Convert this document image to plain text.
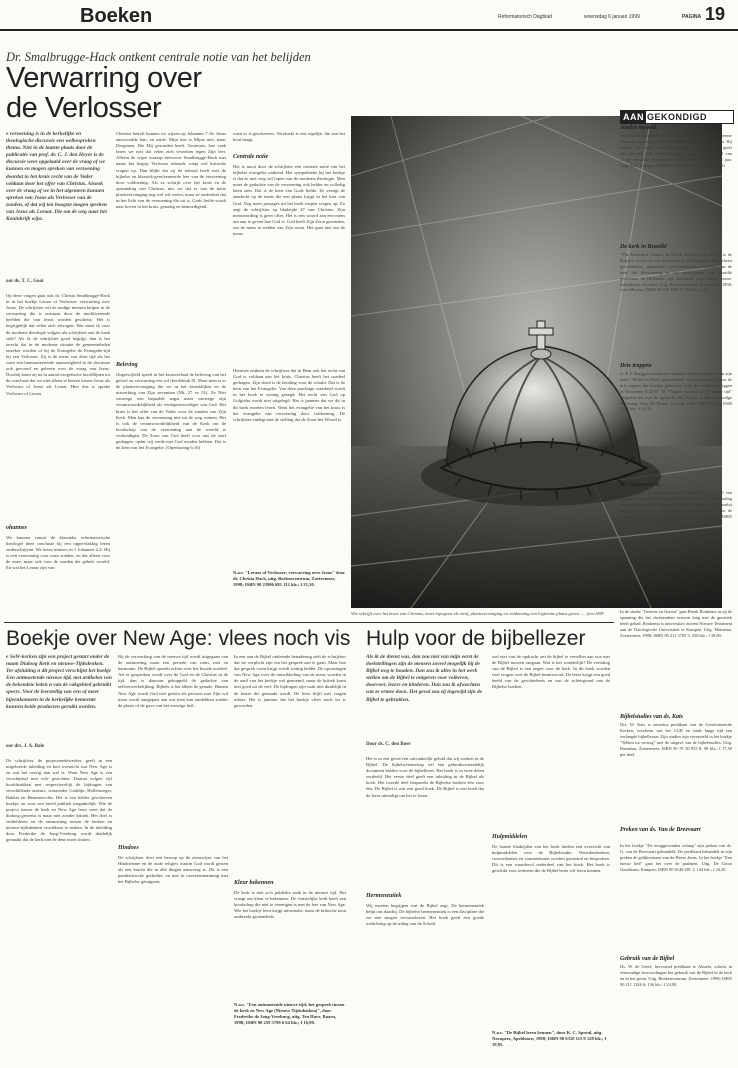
Boeken	Reformatorisch Dagblad	woensdag 6 januari 1999	PAGINA 19
Dr. Smalbrugge-Hack ontkent centrale notie van het belijden
Verwarring over
de Verlosser
e verzoening is in de kerkelijke en theologische discussie een welbesproken thema. Niet in de laatste plaats door de publicatie van prof. dr. C. J. den Heyer is de discussie weer opgelaaid over de vraag of we kunnen en mogen spreken van verzoening doordat in het kruis recht van de Vader voldaan door het offer van Christus. Alsook over de vraag of we in het algemeen kunnen spreken van Jezus als Verlosser van de zonden, of dat wij ten hoogste mogen spreken van Jezus als Leraar. Die om de weg naar het Koninkrijk wijst.
oor ds. T. C. Gooi
Op deze vragen gaat ook dr. Christa Smalbrugge-Hack in in het boekje Leraar of Verlosser: verwarring over Jezus. De schrijfster wil de nodige mensen helpen in de verwarring die is ontstaan door de modificerende beelden die van Jezus worden geschetst. Het is begrijpelijk dat velen zich afvragen: Wat moet ik voor de moderne theologie volgen: als schrijfster aan de kaak stelt? Als ik de schrijfster goed begrijp, dan is het terecht dat in de moderne situatie de gemeenteleden onzeker worden of bij de Evangelie de Evangelie-tijd bij een Verlosser. Zij is de mens van deze tijd als het ware een harmonieerende aanwezigheid in de discussie ook gevoerd en gelezen over de vraag van Jezus. Doorbij komt zij na in aantal exegetische hoofdlijnen tot de conclusie dat we niet alleen te kiezen tussen Jezus als Verlosser of Jezus als Leraar. Hier dus is sprake Verlosser of Leraar.
ohannes
We kunnen vanuit de klassieke reformatorische theologie deze conclusie bij een oppervlakkig lezen onderschrijven. We lezen immers in 1 Johannes 2:2: Hij is een verzoening voor onze zonden, en dat alleen voor de onze, maar ook voor de zonden der gehele wereld. En wat het Leraar zijn van
Christus betreft kunnen we wijzen op Johannes 7:16: Jezus antwoordde hun, en zeide: Mijn leer is Mijne niet, maar Desgenen, Die Mij gezonden heeft. Toutesois, hoe vaak lezen we niet dat velen zich verzetten tegen Zijn leer. Allerm de wijze waarop mevrouw Smalbrugge-Hack met name het begrip Verlosser inhoudt, roept wel kritische vragen op. Dan blijkt dat zij de inhoud heeft met de bijbelse en klassiek-gereformeerde leer van de verzoening door voldoening. Als ze schrijft over het kruis en de opstanding van Christus, mis we dat er van de notie plaatsvervanging nog wel wil weten, maar ze onderdoet dat in het licht van de verzoening die uit is. Gods liefde wordt naar boven in het kruis, genadig en bemoedigend.
Beleving
Ongetwijfeld speelt in het kruisverhaal de beleving van het geloof en verwarring een rol (hoofdstuk 8). Maar men is er de plaatsvervanging die we in het kruisblijken en de uitwerking van Zijn zeventien (Mt. 27 vs 51). Ze Niet vanwege een bepaalde angst maar vanwege zijn verantwoordelijkheid als vertegenwoordiger van God. Het kruis is het offer van de Vader voor de zonden van Zijn Kerk. Men kan de verzoening niet uit de weg ruimen. Het is ook de verantwoordelijkheid van de Kerk om de boodschap van de verzoening aan de wereld te verkondigen. De Zoon van God heeft voor ons de straf gedragen, opdat wij vrede met God zouden hebben. Dat is de kern van het Evangelie. (Openbaring 6:16)
want er is geschreven: Vervloekt is een iegelijk, die aan het hout hangt.
Centrale notie
Het is mooi door de schrijfster een centrale notie van het bijbelse evangelie ontkend. Het sympathieke bij het boekje is dat ze niet weg wil lopen van de moderne theologie. Men moet de gedachte van de verzoening ook helder en volledig laten zien. Dat is de kern van Gods liefde. Ze vestigt de aandacht op de mens die een plaats krijgt in het hart van God. Nog meer passages uit het boek roepen vragen op. Zo zegt de schrijfster op bladzijde 47 van Christus: Zijn menswording is geen offer. Het is een woord aan een mens om aan te geven hoe God is. God heeft Zijn Zoon gezonden, om de mens te redden van Zijn toorn. Het gaat niet om de mens.
Hiermee ontkent de schrijfster dat in Hem ook het recht van God is voldaan aan het kruis. Christus heeft het oordeel gedragen. Zijn dood is de betaling voor de schuld. Dat is de kern van het Evangelie. Van deze prachtige waarheid wordt in het boek te weinig gezegd. Het recht van God op Golgotha wordt niet uitgelegd. Het is jammer dat we dit in dit boek moeten lezen. Want het evangelie van het kruis is het evangelie van verzoening door voldoening. De schrijfster eindigt met de stelling dat de Zoon het Woord is.
N.a.v. "Leraar of Verlosser; verwarring over Jezus" door dr. Christa Hack, uitg. Boekencentrum, Zoetermeer, 1998; ISBN 90 23906 681 112 blz.; f 21,50.
Wie schrijft over het kruis van Christus, moet topogeen als straf, plaatsvervanging en voldoening een legitieme plaats geven. — foto ANP
Boekje over New Age: vlees noch vis
e SoW-kerken zijn een project gestart onder de naam Dialoog Kerk en nieuwe-Tijdsdenken. Ter afsluiting n dit project verschijnt het boekje Een ontmoetende nieuwe tijd, met artikelen van de bekendste leden n van de vakgebied gebruikt speers. Voor de leerstellig van een of meer bijeenkomsten in de kerkelijke kemeente kunnen beide producten geruikt worden.
oor drs. J. A. Bale
De schrijfster, de projectmedewerker, geeft in een uitgebreide inleiding en kort overzicht wat New Age is en wat het overig dan wel is. Want New Age is een verschijnsel met vele gezichten. Daarna volgen vijf hoofdstukken met respectievelijk de bijdragen van verschillende auteurs, waaronder Goddijn, Hollenweger, Bakker en Hemmerechts. Het is een helder geschreven boekje, en voor een breed publiek toegankelijk. Wie de project tussen de kerk en New Age leest weet dat de dialoog gewenst is maar niet zonder kritiek. Het doel is verhelderen en de ontmoeting tussen de kerken en nieuwe-tijdsdenken vruchtbaar te maken. In de inleiding door Frederike de Jong-Vreeburg wordt duidelijk gemaakt dat de kerk niet de deur moet sluiten.
Bij de verwerking van de nieuwe tijd wordt uitgegaan van de ontmoeting maar een periode van ruim, met en harmonie. De Bijbel spreekt echter over het kwade oordeel. Als er gesproken wordt over de God en de Christus in de tijd, dan is daarvan gekoppeld de gedachte van zelfverwerkelijking. Bijbels is het alleen de genade. Binnen New Age wordt God niet gezien als persoon met Zijn wil maar wordt aangepast aan wat men kan ontdekken zonder de plaats of de gave van het eeuwige heil.
Hindoes
De schrijfster doet een beroep op de zienswijze van het Hindoeïsme en de oude religies waarin God wordt gezien als een kracht die in alle dingen aanwezig is. Dit is een pantheïstische gedachte, en niet in overeenstemming met het Bijbelse getuigenis.
In een aan de Bijbel ontleende benadering stelt de schrijfster dat we verplicht zijn om het gesprek aan te gaan. Maar hoe dat gesprek vorm krijgt wordt weinig helder. De opvattingen van New Age over de ontwikkeling van de mens worden in de aard van het boekje wel genoemd, maar de kritiek komt niet goed uit de verf. De bijdragen zijn vaak niet duidelijk in de keuze die gemaakt wordt. De lezer blijft met vragen achter. Het is jammer dat het boekje vlees noch vis is geworden.
Kleur bekennen
De kerk is niet zo'n publieke zaak in de nieuwe tijd. Het vraagt om kleur te bekennen. De christelijke kerk heeft een boodschap die niet te verenigen is met de leer van New Age. Wie het boekje leest krijgt informatie, maar de kritische toon ontbreekt grotendeels.
N.a.v. "Een ontmoetende nieuwe tijd; het gesprek tussen de kerk en New Age (Nieuwe Tijdsdenken)", door Frederike de Jong-Vreeburg, uitg. Ten Have, Baarn, 1998; ISBN 90 259 5799 6 64 blz.; f 16,90.
Hulp voor de bijbellezer
Als ik de dienst was, dan zou niet van mijn eerst de doelstellingen zijn de mensen zoveel mogelijk bij de Bijbel weg te houden. Dan zou ik alles in het werk stellen om de Bijbel te ontgeren voor volkeren, doorvoer, lezers en kinderen. Dan zou ik afwachten wat ze ermee doen. Het geval zou zij ingewijd zijn de Bijbel te gebruiken.
Door ds. C. den Boer
Het is in een geval een ontvankelijk geluid dat wij zoeken in de Bijbel. De bijbelwetenschap wil een gebruiksvriendelijk document bieden voor de bijbellezer. Het boek is in twee delen verdeeld. Het eerste deel geeft een inleiding in de Bijbel als boek. Het tweede deel bespreekt de Bijbelse boeken één voor één. De Bijbel is ook een goed boek. De Bijbel is een boek dat de lezer uitnodigt om het te lezen.
Hermeneutiek
Wij moeten begrijpen wat de Bijbel zegt. De hermeneutiek helpt ons daarbij. De bijbelse hermeneutiek is een discipline die we niet mogen verwaarlozen. Het boek geeft een goede toelichting op de uitleg van de Schrift.
wel niet van de opdracht om de bijbel te vertellen aan wie met de Bijbel moeten omgaan. Wat is het wonderlijk? De vertaling van de Bijbel is een zegen voor de kerk. In dit boek worden veel vragen over de Bijbel beantwoord. De lezer krijgt een goed beeld van de geschiedenis en van de achtergrond van de Bijbelse boeken.
Hulpmiddelen
De laatste bladzijden van het boek bieden een overzicht van hulpmiddelen voor de Bijbelstudie. Woordenboeken, concordanties en commentaren worden genoemd en besproken. Dit is een waardevol onderdeel van het boek. Het boek is geschikt voor iedereen die de Bijbel beter wil leren kennen.
N.a.v. "De Bijbel leren kennen", door K. C. Sproul, uitg. Novapres, Apeldoorn, 1998; ISBN 90 6318 115 9 128 blz.; f 19,95.
AAN GEKONDIGD
Joodse mystiek
In het boek "Joodse mystiek" behandelt J. H. Laenen de diverse mystieke stromingen die zich in het jodendom aandienen. Hij schreef dit boek voor een groot publiek, zonder geeft tegelijkertijd een wetenschappelijk verantwoord beeld van joodse mystieke stromingen in de laatste twee duizend jaar. Uitg. Kok, Kampen; ISBN 90 242 9397 9; 302 blz.; f 44,90.
De kerk in Brazilië
"The Reformed Church in Dutch Brazil (1630-1654)" is de Engelse versie van een dissertatie in het Portugees. Het schetst geschiedenis, organisatie, werkzaamheden en positie van de kerk die Hervorming in het noordoosten van Brazilië gedurende de Hollandse tijd. Aandacht voor zeden, rooms-katholieken en joden. Uitg. Boekencentrum, Zoetermeer, 1998; serie Mission; ISBN 90 239 1695 7; 366 blz.; f 80.
Drie trappen
G. P. F. Burggraaf publiceert opnieuw enkele artikelen van zijn hand: "Bethel en Pniël opgebeldeed" waarin hij schrijft over de drie trappen die worden gebouwd, zoals de werkkamer liggen in Romeinen 8:28-37. In "Vragen om raad in de laatste tijd" vergadert hij over de opdracht. Het boekje is een eenvoudige bezinning. Uitg. De Banier, Utrecht, 1998; ISBN 90 336 0500 2; 76 blz.; f 14,50.
De Vadermoorn
"Abba Vader" is geschreven door Hugo Bouter en wil een bijdrage leveren aan gemeentelijk geloof over de verhouding van de kinderen van God tot de Vader. De schrijver gaat daarbij uit van de Schrift. Het boekje is vooral bedoeld voor de zondagsschool. Uitg. Boeken om de Bijbel, Apeldoorn; ISBN 90 6353 070 0; 131 blz.; f 9,90.
Gnosticisme
In de studie "Genesis en Gnosis" gaat Rienk Roukema in op de spanning die het christendom eeuwen lang met de gnostiek heeft gehad. Roukema is universitair docent Nieuwe Testament aan de Theologische Universiteit te Kampen. Uitg. Meinema, Zoetermeer, 1998; ISBN 90 211 3705 5; 256 blz.; f 39,90.
Bijbelstudies van ds. Kats
Drs. W. Kats is emeritus predikant van de Gereformeerde Kerken, voorheen van het CGB en sinds lange tijd een verlangde bijbelleraar. Zijn studies zijn verzameld in het boekje "Telken tot vertrag" met de uitgave van de bijbelstudies. Uitg. Barnabas, Zoetermeer, ISBN 90 70 30 953 8; 96 blz.; f 17,50 per deel.
Preken van ds. Van de Breevaart
In het boekje "De teruggevonden schaap" zijn preken van ds. G. van de Breevaart gebundeld. De predikant behandelt in zijn preken de gelijkenissen van de Heere Jezus. In het boekje "Een nieuw lied" gaat het over de psalmen. Uitg. De Groot Goudriaan, Kampen; ISBN 90 6140 481 1; 144 blz.; f 24,50.
Gebruik van de Bijbel
Ds. W. de Greef, hervormd predikant te Almelo, schetst in eenvoudige bewoordingen het gebruik van de Bijbel in de kerk en in het gezin. Uitg. Boekencentrum, Zoetermeer, 1998; ISBN 90 211 1326 6; 136 blz.; f 24,90.
